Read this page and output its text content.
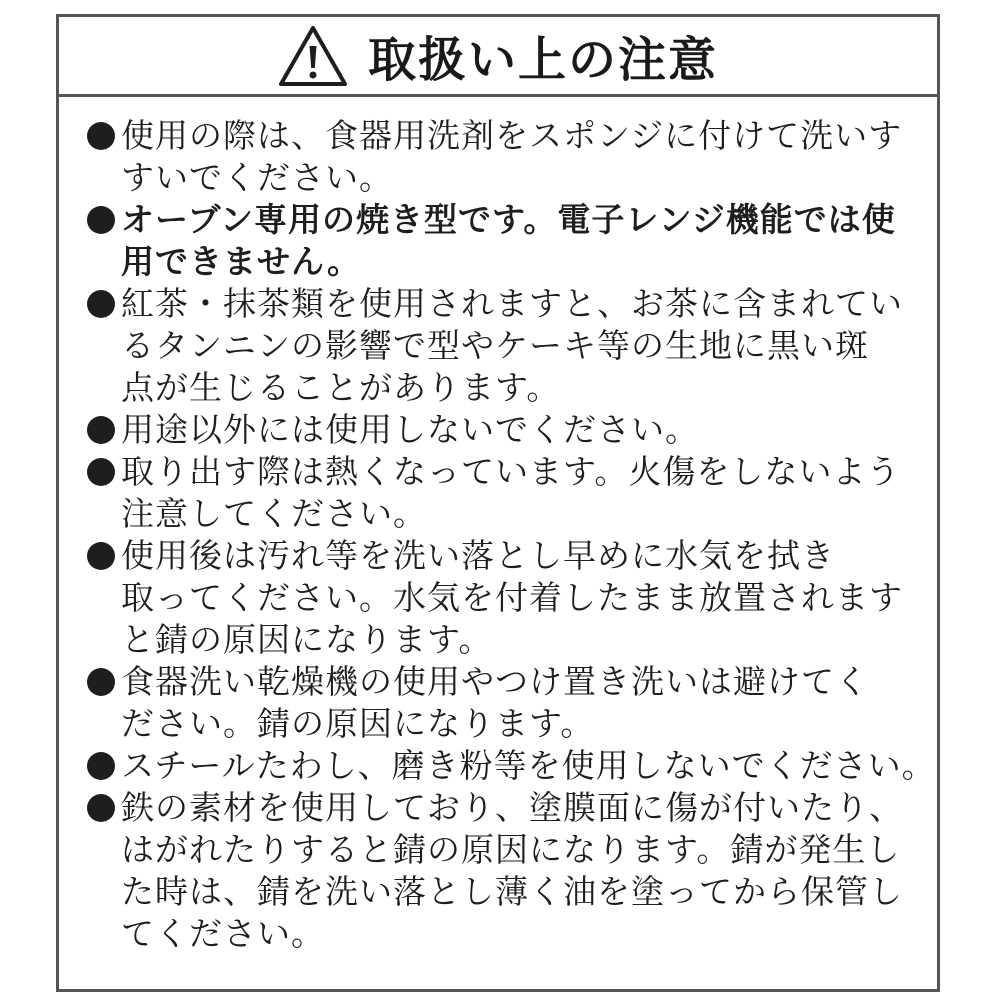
取扱い上の注意
使用の際は、食器用洗剤をスポンジに付けて洗いす
すいでください。
オーブン専用の焼き型です。電子レンジ機能では使
用できません。
紅茶・抹茶類を使用されますと、お茶に含まれてい
るタンニンの影響で型やケーキ等の生地に黒い斑
点が生じることがあります。
用途以外には使用しないでください。
取り出す際は熱くなっています。火傷をしないよう
注意してください。
使用後は汚れ等を洗い落とし早めに水気を拭き
取ってください。水気を付着したまま放置されます
と錆の原因になります。
食器洗い乾燥機の使用やつけ置き洗いは避けてく
ださい。錆の原因になります。
スチールたわし、磨き粉等を使用しないでください。
鉄の素材を使用しており、塗膜面に傷が付いたり、
はがれたりすると錆の原因になります。錆が発生し
た時は、錆を洗い落とし薄く油を塗ってから保管し
てください。
